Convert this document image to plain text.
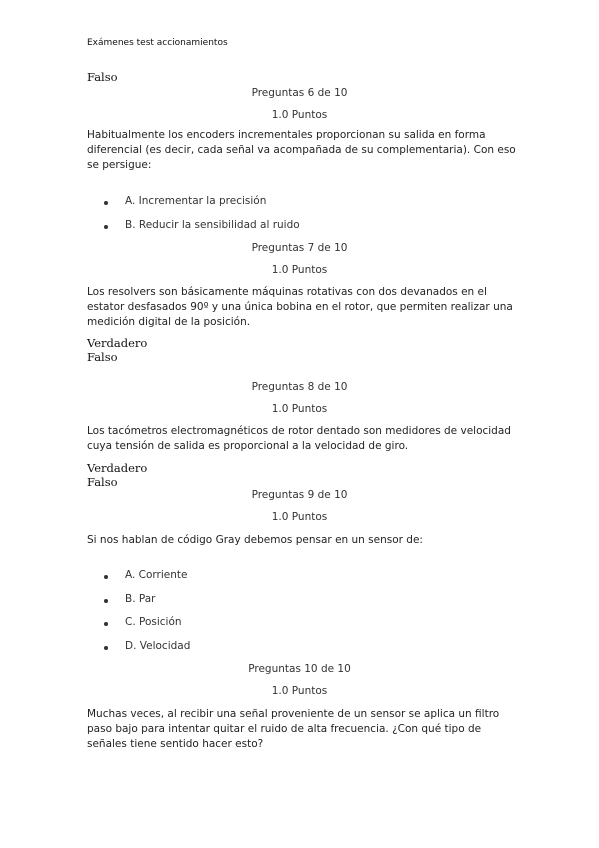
Exámenes test accionamientos
Falso
Preguntas 6 de 10
1.0 Puntos
Habitualmente los encoders incrementales proporcionan su salida en forma diferencial (es decir, cada señal va acompañada de su complementaria). Con eso se persigue:
A. Incrementar la precisión
B. Reducir la sensibilidad al ruido
Preguntas 7 de 10
1.0 Puntos
Los resolvers son básicamente máquinas rotativas con dos devanados en el estator desfasados 90º y una única bobina en el rotor, que permiten realizar una medición digital de la posición.
Verdadero
Falso
Preguntas 8 de 10
1.0 Puntos
Los tacómetros electromagnéticos de rotor dentado son medidores de velocidad cuya tensión de salida es proporcional a la velocidad de giro.
Verdadero
Falso
Preguntas 9 de 10
1.0 Puntos
Si nos hablan de código Gray debemos pensar en un sensor de:
A. Corriente
B. Par
C. Posición
D. Velocidad
Preguntas 10 de 10
1.0 Puntos
Muchas veces, al recibir una señal proveniente de un sensor se aplica un filtro paso bajo para intentar quitar el ruido de alta frecuencia. ¿Con qué tipo de señales tiene sentido hacer esto?
